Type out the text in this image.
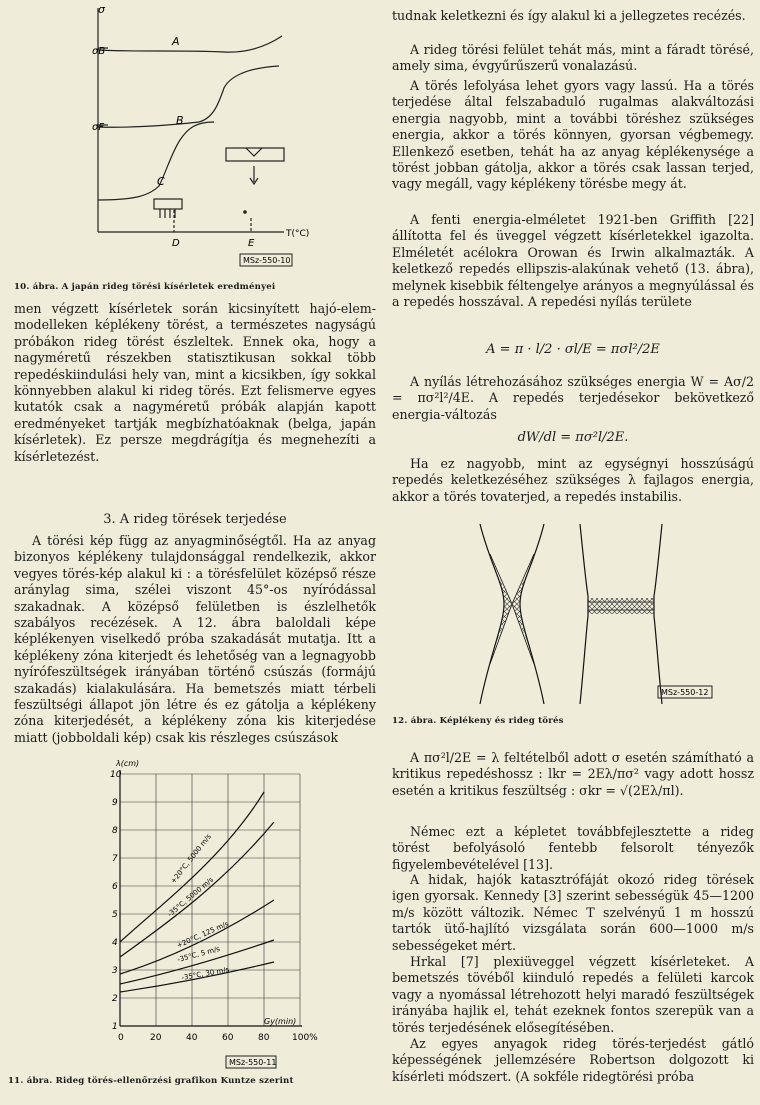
σ
σB
σF
A
B
C
D	E
T(°C)
MSz-550-10
10. ábra. A japán rideg törési kísérletek eredményei

men végzett kísérletek során kicsinyített hajó-elem-modelleken képlékeny törést, a természetes nagyságú próbákon rideg törést észleltek. Ennek oka, hogy a nagyméretű részekben statisztikusan sokkal több repedéskiindulási hely van, mint a kicsikben, így sokkal könnyebben alakul ki rideg törés. Ezt felismerve egyes kutatók csak a nagyméretű próbák alapján kapott eredményeket tartják megbízhatóaknak (belga, japán kísérletek). Ez persze megdrágítja és megnehezíti a kísérletezést.

3. A rideg törések terjedése

A törési kép függ az anyagminőségtől. Ha az anyag bizonyos képlékeny tulajdonsággal rendelkezik, akkor vegyes törés-kép alakul ki : a törésfelület középső része aránylag sima, szélei viszont 45°-os nyíródással szakadnak. A középső felületben is észlelhetők szabályos recézések. A 12. ábra baloldali képe képlékenyen viselkedő próba szakadását mutatja. Itt a képlékeny zóna kiterjedt és lehetőség van a legnagyobb nyírófeszültségek irányában történő csúszás (formájú szakadás) kialakulására. Ha bemetszés miatt térbeli feszültségi állapot jön létre és ez gátolja a képlékeny zóna kiterjedését, a képlékeny zóna kis kiterjedése miatt (jobboldali kép) csak kis részleges csúszások

λ(cm)
10
9
8
7
6
5
4
3
2
1
0	20	40	60	80	100%
Gy(min)
+20°C, 5000 m/s
-35°C, 5000 m/s
+20°C, 125 m/s
-35°C, 5 m/s
-35°C, 30 m/s
MSz-550-11
11. ábra. Rideg törés-ellenőrzési grafikon Kuntze szerint

tudnak keletkezni és így alakul ki a jellegzetes recézés.

A rideg törési felület tehát más, mint a fáradt törésé, amely sima, évgyűrűszerű vonalazású.

A törés lefolyása lehet gyors vagy lassú. Ha a törés terjedése által felszabaduló rugalmas alakváltozási energia nagyobb, mint a további töréshez szükséges energia, akkor a törés könnyen, gyorsan végbemegy. Ellenkező esetben, tehát ha az anyag képlékenysége a törést jobban gátolja, akkor a törés csak lassan terjed, vagy megáll, vagy képlékeny törésbe megy át.

A fenti energia-elméletet 1921-ben Griffith [22] állította fel és üveggel végzett kísérletekkel igazolta. Elméletét acélokra Orowan és Irwin alkalmazták. A keletkező repedés ellipszis-alakúnak vehető (13. ábra), melynek kisebbik féltengelye arányos a megnyúlással és a repedés hosszával. A repedési nyílás területe

A = π · l/2 · σl/E = πσl²/2E

A nyílás létrehozásához szükséges energia W = Aσ/2 = πσ²l²/4E. A repedés terjedésekor bekövetkező energia-változás

dW/dl = πσ²l/2E.

Ha ez nagyobb, mint az egységnyi hosszúságú repedés keletkezéséhez szükséges λ fajlagos energia, akkor a törés tovaterjed, a repedés instabilis.

MSz-550-12
12. ábra. Képlékeny és rideg törés

A πσ²l/2E = λ feltételből adott σ esetén számítható a kritikus repedéshossz : lkr = 2Eλ/πσ² vagy adott hossz esetén a kritikus feszültség : σkr = √(2Eλ/πl).

Némec ezt a képletet továbbfejlesztette a rideg törést befolyásoló fentebb felsorolt tényezők figyelembevételével [13].

A hidak, hajók katasztrófáját okozó rideg törések igen gyorsak. Kennedy [3] szerint sebességük 45—1200 m/s között változik. Némec T szelvényű 1 m hosszú tartók ütő-hajlító vizsgálata során 600—1000 m/s sebességeket mért.

Hrkal [7] plexiüveggel végzett kísérleteket. A bemetszés tövéből kiinduló repedés a felületi karcok vagy a nyomással létrehozott helyi maradó feszültségek irányába hajlik el, tehát ezeknek fontos szerepük van a törés terjedésének elősegítésében.

Az egyes anyagok rideg törés-terjedést gátló képességének jellemzésére Robertson dolgozott ki kísérleti módszert. (A sokféle ridegtörési próba
